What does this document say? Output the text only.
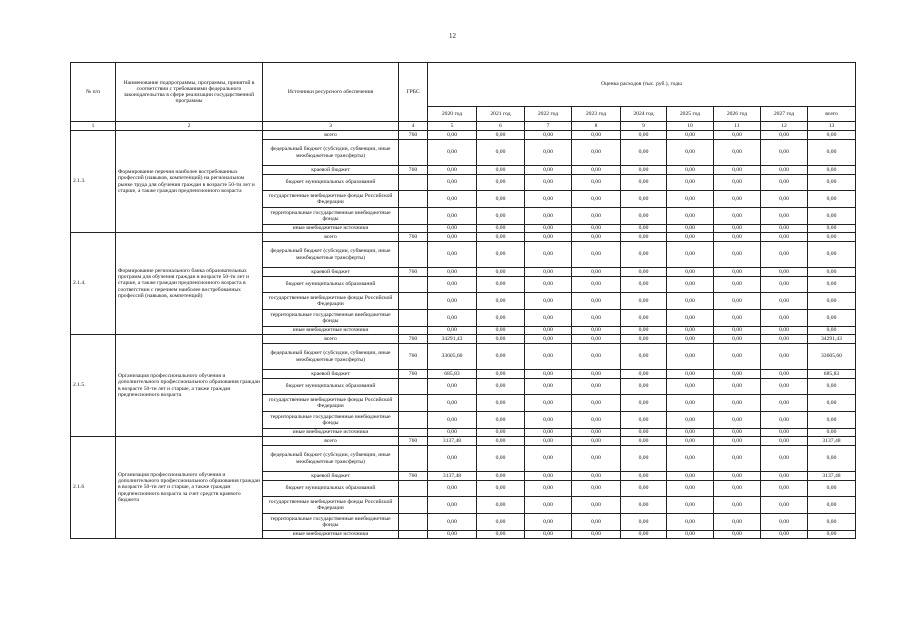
12
№ п/п	Наименование подпрограммы, программы, принятой в соответствии с требованиями федерального законодательства в сфере реализации государственной программы	Источники ресурсного обеспечения	ГРБС	Оценка расходов (тыс. руб.), годы								
				2020 год	2021 год	2022 год	2023 год	2024 год	2025 год	2026 год	2027 год	всего
1	2	3	4	5	6	7	8	9	10	11	12	13
2.1.3.	Формирование перечня наиболее востребованных профессий (навыков, компетенций) на региональном рынке труда для обучения граждан в возрасте 50-ти лет и старше, а также граждан предпенсионного возраста	всего	760	0,00	0,00	0,00	0,00	0,00	0,00	0,00	0,00	0,00
		федеральный бюджет (субсидии, субвенции, иные межбюджетные трансферты)		0,00	0,00	0,00	0,00	0,00	0,00	0,00	0,00	0,00
		краевой бюджет	760	0,00	0,00	0,00	0,00	0,00	0,00	0,00	0,00	0,00
		бюджет муниципальных образований		0,00	0,00	0,00	0,00	0,00	0,00	0,00	0,00	0,00
		государственные внебюджетные фонды Российской Федерации		0,00	0,00	0,00	0,00	0,00	0,00	0,00	0,00	0,00
		территориальные государственные внебюджетные фонды		0,00	0,00	0,00	0,00	0,00	0,00	0,00	0,00	0,00
		иные внебюджетные источники		0,00	0,00	0,00	0,00	0,00	0,00	0,00	0,00	0,00
2.1.4.	Формирование регионального банка образовательных программ для обучения граждан в возрасте 50-ти лет и старше, а также граждан предпенсионного возраста в соответствии с перечнем наиболее востребованных профессий (навыков, компетенций)	всего	760	0,00	0,00	0,00	0,00	0,00	0,00	0,00	0,00	0,00
		федеральный бюджет (субсидии, субвенции, иные межбюджетные трансферты)		0,00	0,00	0,00	0,00	0,00	0,00	0,00	0,00	0,00
		краевой бюджет	760	0,00	0,00	0,00	0,00	0,00	0,00	0,00	0,00	0,00
		бюджет муниципальных образований		0,00	0,00	0,00	0,00	0,00	0,00	0,00	0,00	0,00
		государственные внебюджетные фонды Российской Федерации		0,00	0,00	0,00	0,00	0,00	0,00	0,00	0,00	0,00
		территориальные государственные внебюджетные фонды		0,00	0,00	0,00	0,00	0,00	0,00	0,00	0,00	0,00
		иные внебюджетные источники		0,00	0,00	0,00	0,00	0,00	0,00	0,00	0,00	0,00
2.1.5.	Организация профессионального обучения и дополнительного профессионального образования граждан в возрасте 50-ти лет и старше, а также граждан предпенсионного возраста	всего	760	34291,43	0,00	0,00	0,00	0,00	0,00	0,00	0,00	34291,43
		федеральный бюджет (субсидии, субвенции, иные межбюджетные трансферты)	760	33605,60	0,00	0,00	0,00	0,00	0,00	0,00	0,00	33605,60
		краевой бюджет	760	685,83	0,00	0,00	0,00	0,00	0,00	0,00	0,00	685,83
		бюджет муниципальных образований		0,00	0,00	0,00	0,00	0,00	0,00	0,00	0,00	0,00
		государственные внебюджетные фонды Российской Федерации		0,00	0,00	0,00	0,00	0,00	0,00	0,00	0,00	0,00
		территориальные государственные внебюджетные фонды		0,00	0,00	0,00	0,00	0,00	0,00	0,00	0,00	0,00
		иные внебюджетные источники		0,00	0,00	0,00	0,00	0,00	0,00	0,00	0,00	0,00
2.1.6	Организация профессионального обучения и дополнительного профессионального образования граждан в возрасте 50-ти лет и старше, а также граждан предпенсионного возраста за счет средств краевого бюджета	всего	760	3137,48	0,00	0,00	0,00	0,00	0,00	0,00	0,00	3137,48
		федеральный бюджет (субсидии, субвенции, иные межбюджетные трансферты)		0,00	0,00	0,00	0,00	0,00	0,00	0,00	0,00	0,00
		краевой бюджет	760	3137,48	0,00	0,00	0,00	0,00	0,00	0,00	0,00	3137,48
		бюджет муниципальных образований		0,00	0,00	0,00	0,00	0,00	0,00	0,00	0,00	0,00
		государственные внебюджетные фонды Российской Федерации		0,00	0,00	0,00	0,00	0,00	0,00	0,00	0,00	0,00
		территориальные государственные внебюджетные фонды		0,00	0,00	0,00	0,00	0,00	0,00	0,00	0,00	0,00
		иные внебюджетные источники		0,00	0,00	0,00	0,00	0,00	0,00	0,00	0,00	0,00
